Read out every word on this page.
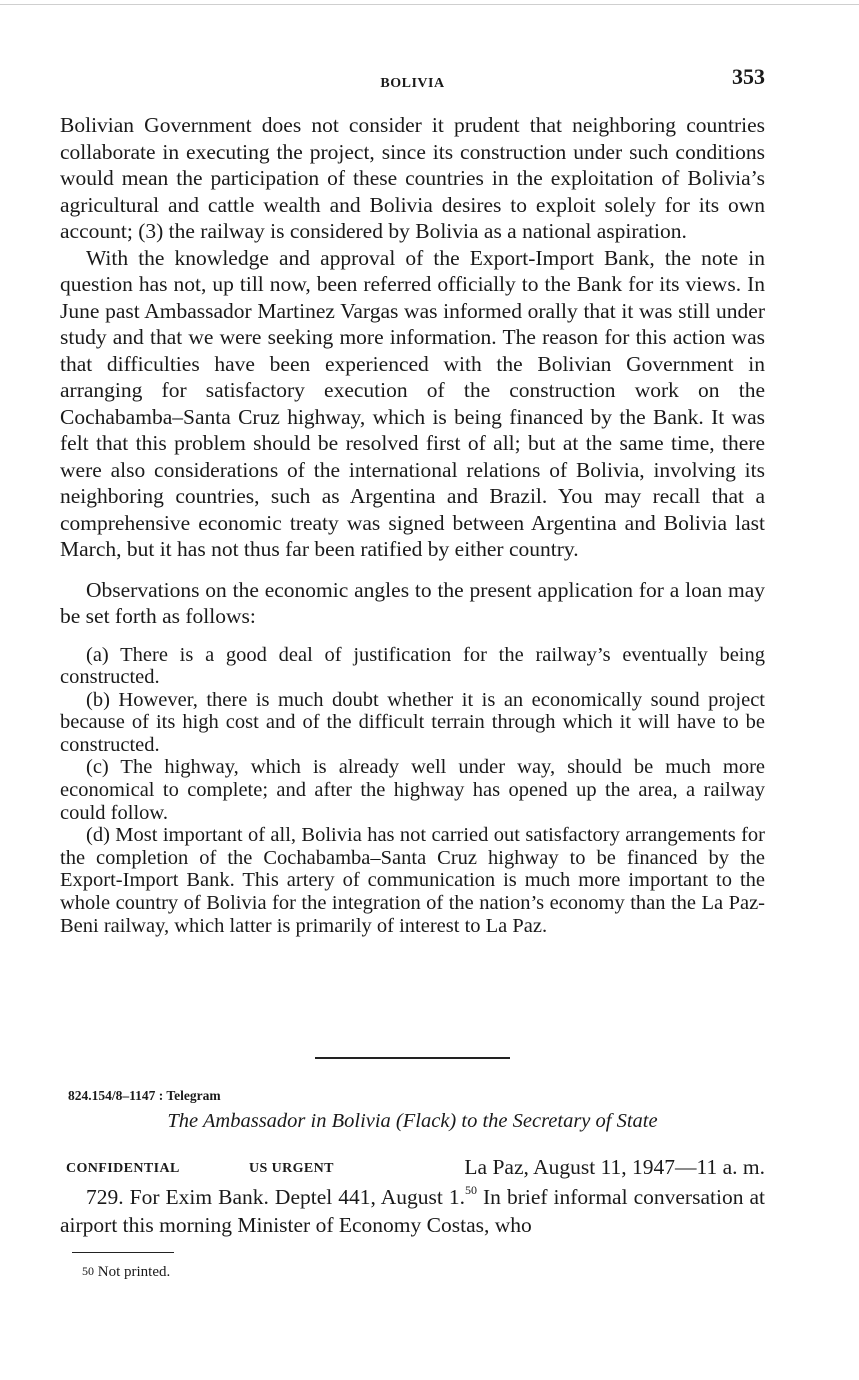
BOLIVIA	353

Bolivian Government does not consider it prudent that neighboring countries collaborate in executing the project, since its construction under such conditions would mean the participation of these countries in the exploitation of Bolivia’s agricultural and cattle wealth and Bolivia desires to exploit solely for its own account; (3) the railway is considered by Bolivia as a national aspiration.

With the knowledge and approval of the Export-Import Bank, the note in question has not, up till now, been referred officially to the Bank for its views. In June past Ambassador Martinez Vargas was informed orally that it was still under study and that we were seeking more information. The reason for this action was that difficulties have been experienced with the Bolivian Government in arranging for satisfactory execution of the construction work on the Cochabamba–Santa Cruz highway, which is being financed by the Bank. It was felt that this problem should be resolved first of all; but at the same time, there were also considerations of the international relations of Bolivia, involving its neighboring countries, such as Argentina and Brazil. You may recall that a comprehensive economic treaty was signed between Argentina and Bolivia last March, but it has not thus far been ratified by either country.

Observations on the economic angles to the present application for a loan may be set forth as follows:

(a) There is a good deal of justification for the railway’s eventually being constructed.

(b) However, there is much doubt whether it is an economically sound project because of its high cost and of the difficult terrain through which it will have to be constructed.

(c) The highway, which is already well under way, should be much more economical to complete; and after the highway has opened up the area, a railway could follow.

(d) Most important of all, Bolivia has not carried out satisfactory arrangements for the completion of the Cochabamba–Santa Cruz highway to be financed by the Export-Import Bank. This artery of communication is much more important to the whole country of Bolivia for the integration of the nation’s economy than the La Paz-Beni railway, which latter is primarily of interest to La Paz.

824.154/8–1147 : Telegram
The Ambassador in Bolivia (Flack) to the Secretary of State
CONFIDENTIAL	US URGENT	La Paz, August 11, 1947—11 a. m.

729. For Exim Bank. Deptel 441, August 1.50 In brief informal conversation at airport this morning Minister of Economy Costas, who

$^{50}$ Not printed.
